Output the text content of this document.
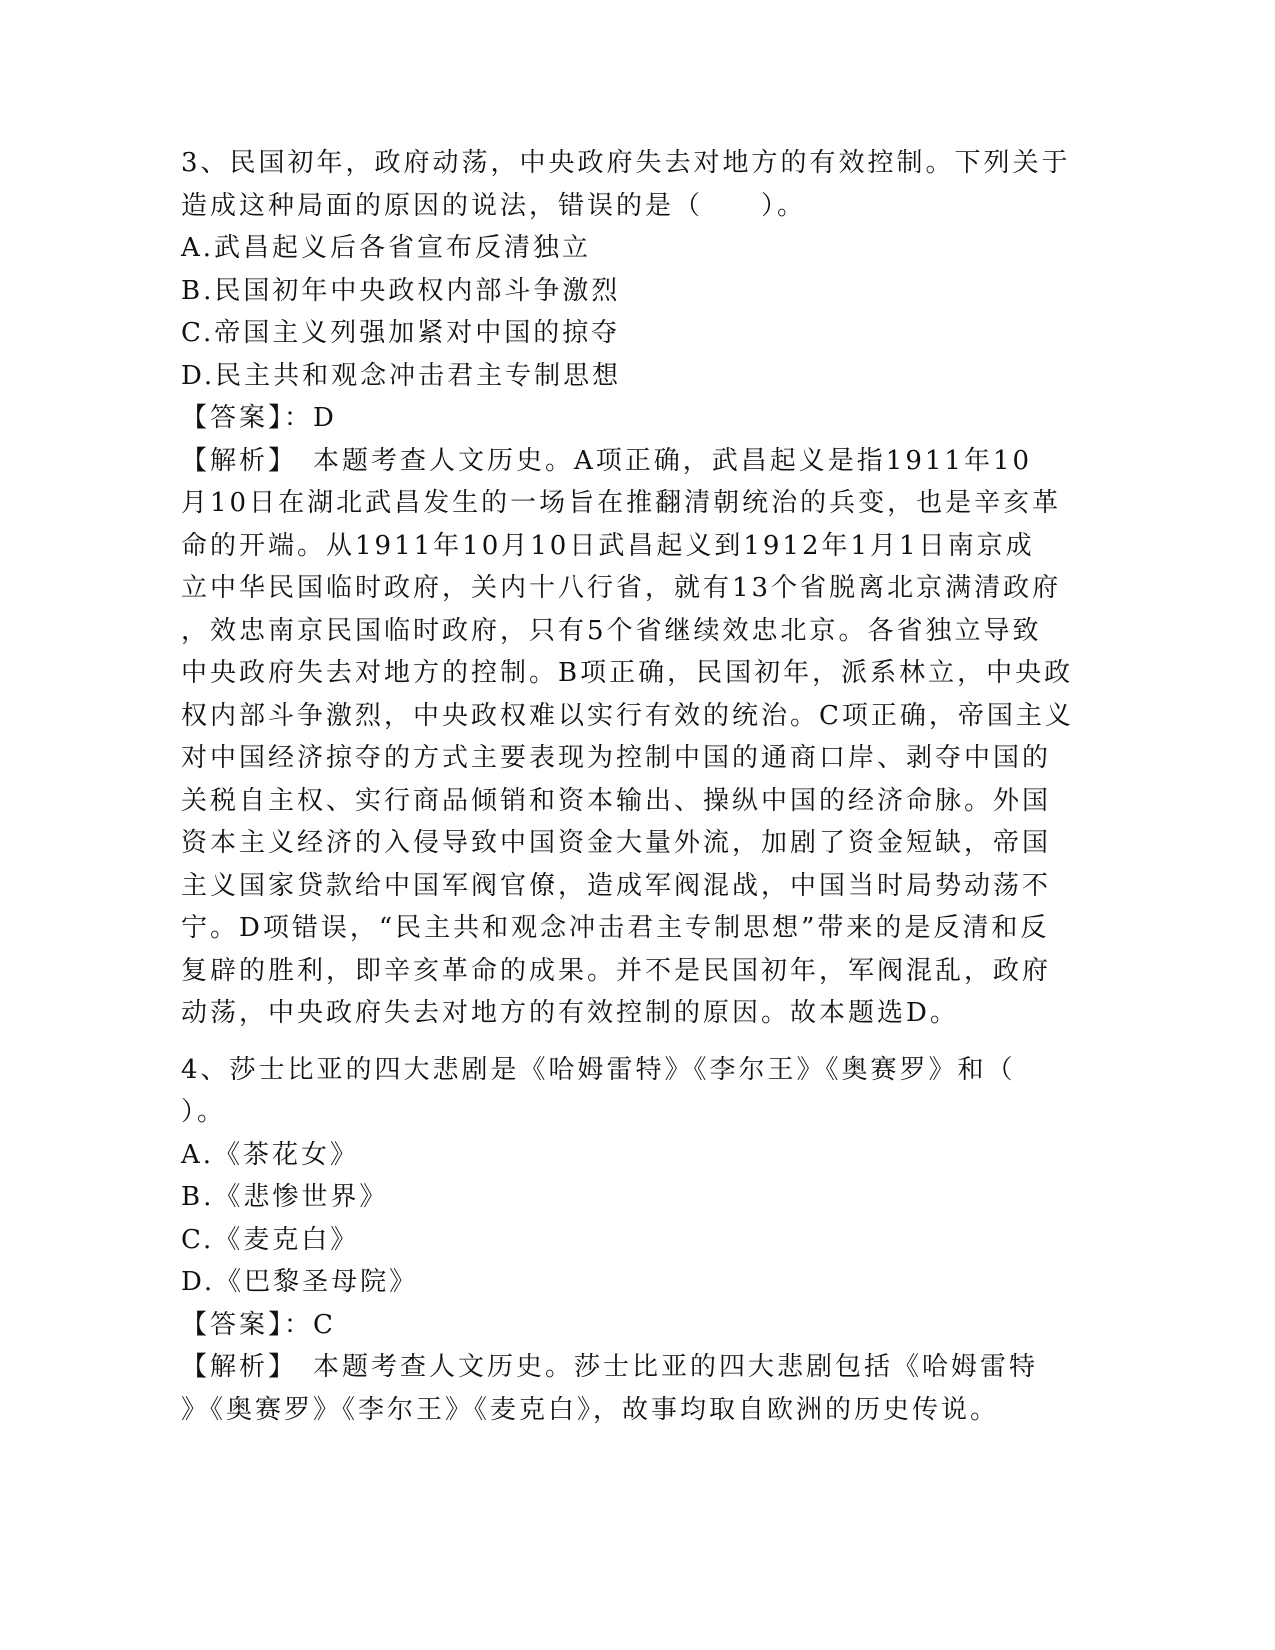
3、民国初年，政府动荡，中央政府失去对地方的有效控制。下列关于
造成这种局面的原因的说法，错误的是（　　）。
A.武昌起义后各省宣布反清独立
B.民国初年中央政权内部斗争激烈
C.帝国主义列强加紧对中国的掠夺
D.民主共和观念冲击君主专制思想
【答案】：D
【解析】　本题考查人文历史。A项正确，武昌起义是指1911年10
月10日在湖北武昌发生的一场旨在推翻清朝统治的兵变，也是辛亥革
命的开端。从1911年10月10日武昌起义到1912年1月1日南京成
立中华民国临时政府，关内十八行省，就有13个省脱离北京满清政府
，效忠南京民国临时政府，只有5个省继续效忠北京。各省独立导致
中央政府失去对地方的控制。B项正确，民国初年，派系林立，中央政
权内部斗争激烈，中央政权难以实行有效的统治。C项正确，帝国主义
对中国经济掠夺的方式主要表现为控制中国的通商口岸、剥夺中国的
关税自主权、实行商品倾销和资本输出、操纵中国的经济命脉。外国
资本主义经济的入侵导致中国资金大量外流，加剧了资金短缺，帝国
主义国家贷款给中国军阀官僚，造成军阀混战，中国当时局势动荡不
宁。D项错误，“民主共和观念冲击君主专制思想”带来的是反清和反
复辟的胜利，即辛亥革命的成果。并不是民国初年，军阀混乱，政府
动荡，中央政府失去对地方的有效控制的原因。故本题选D。
4、莎士比亚的四大悲剧是《哈姆雷特》《李尔王》《奥赛罗》和（
）。
A.《茶花女》
B.《悲惨世界》
C.《麦克白》
D.《巴黎圣母院》
【答案】：C
【解析】　本题考查人文历史。莎士比亚的四大悲剧包括《哈姆雷特
》《奥赛罗》《李尔王》《麦克白》，故事均取自欧洲的历史传说。
